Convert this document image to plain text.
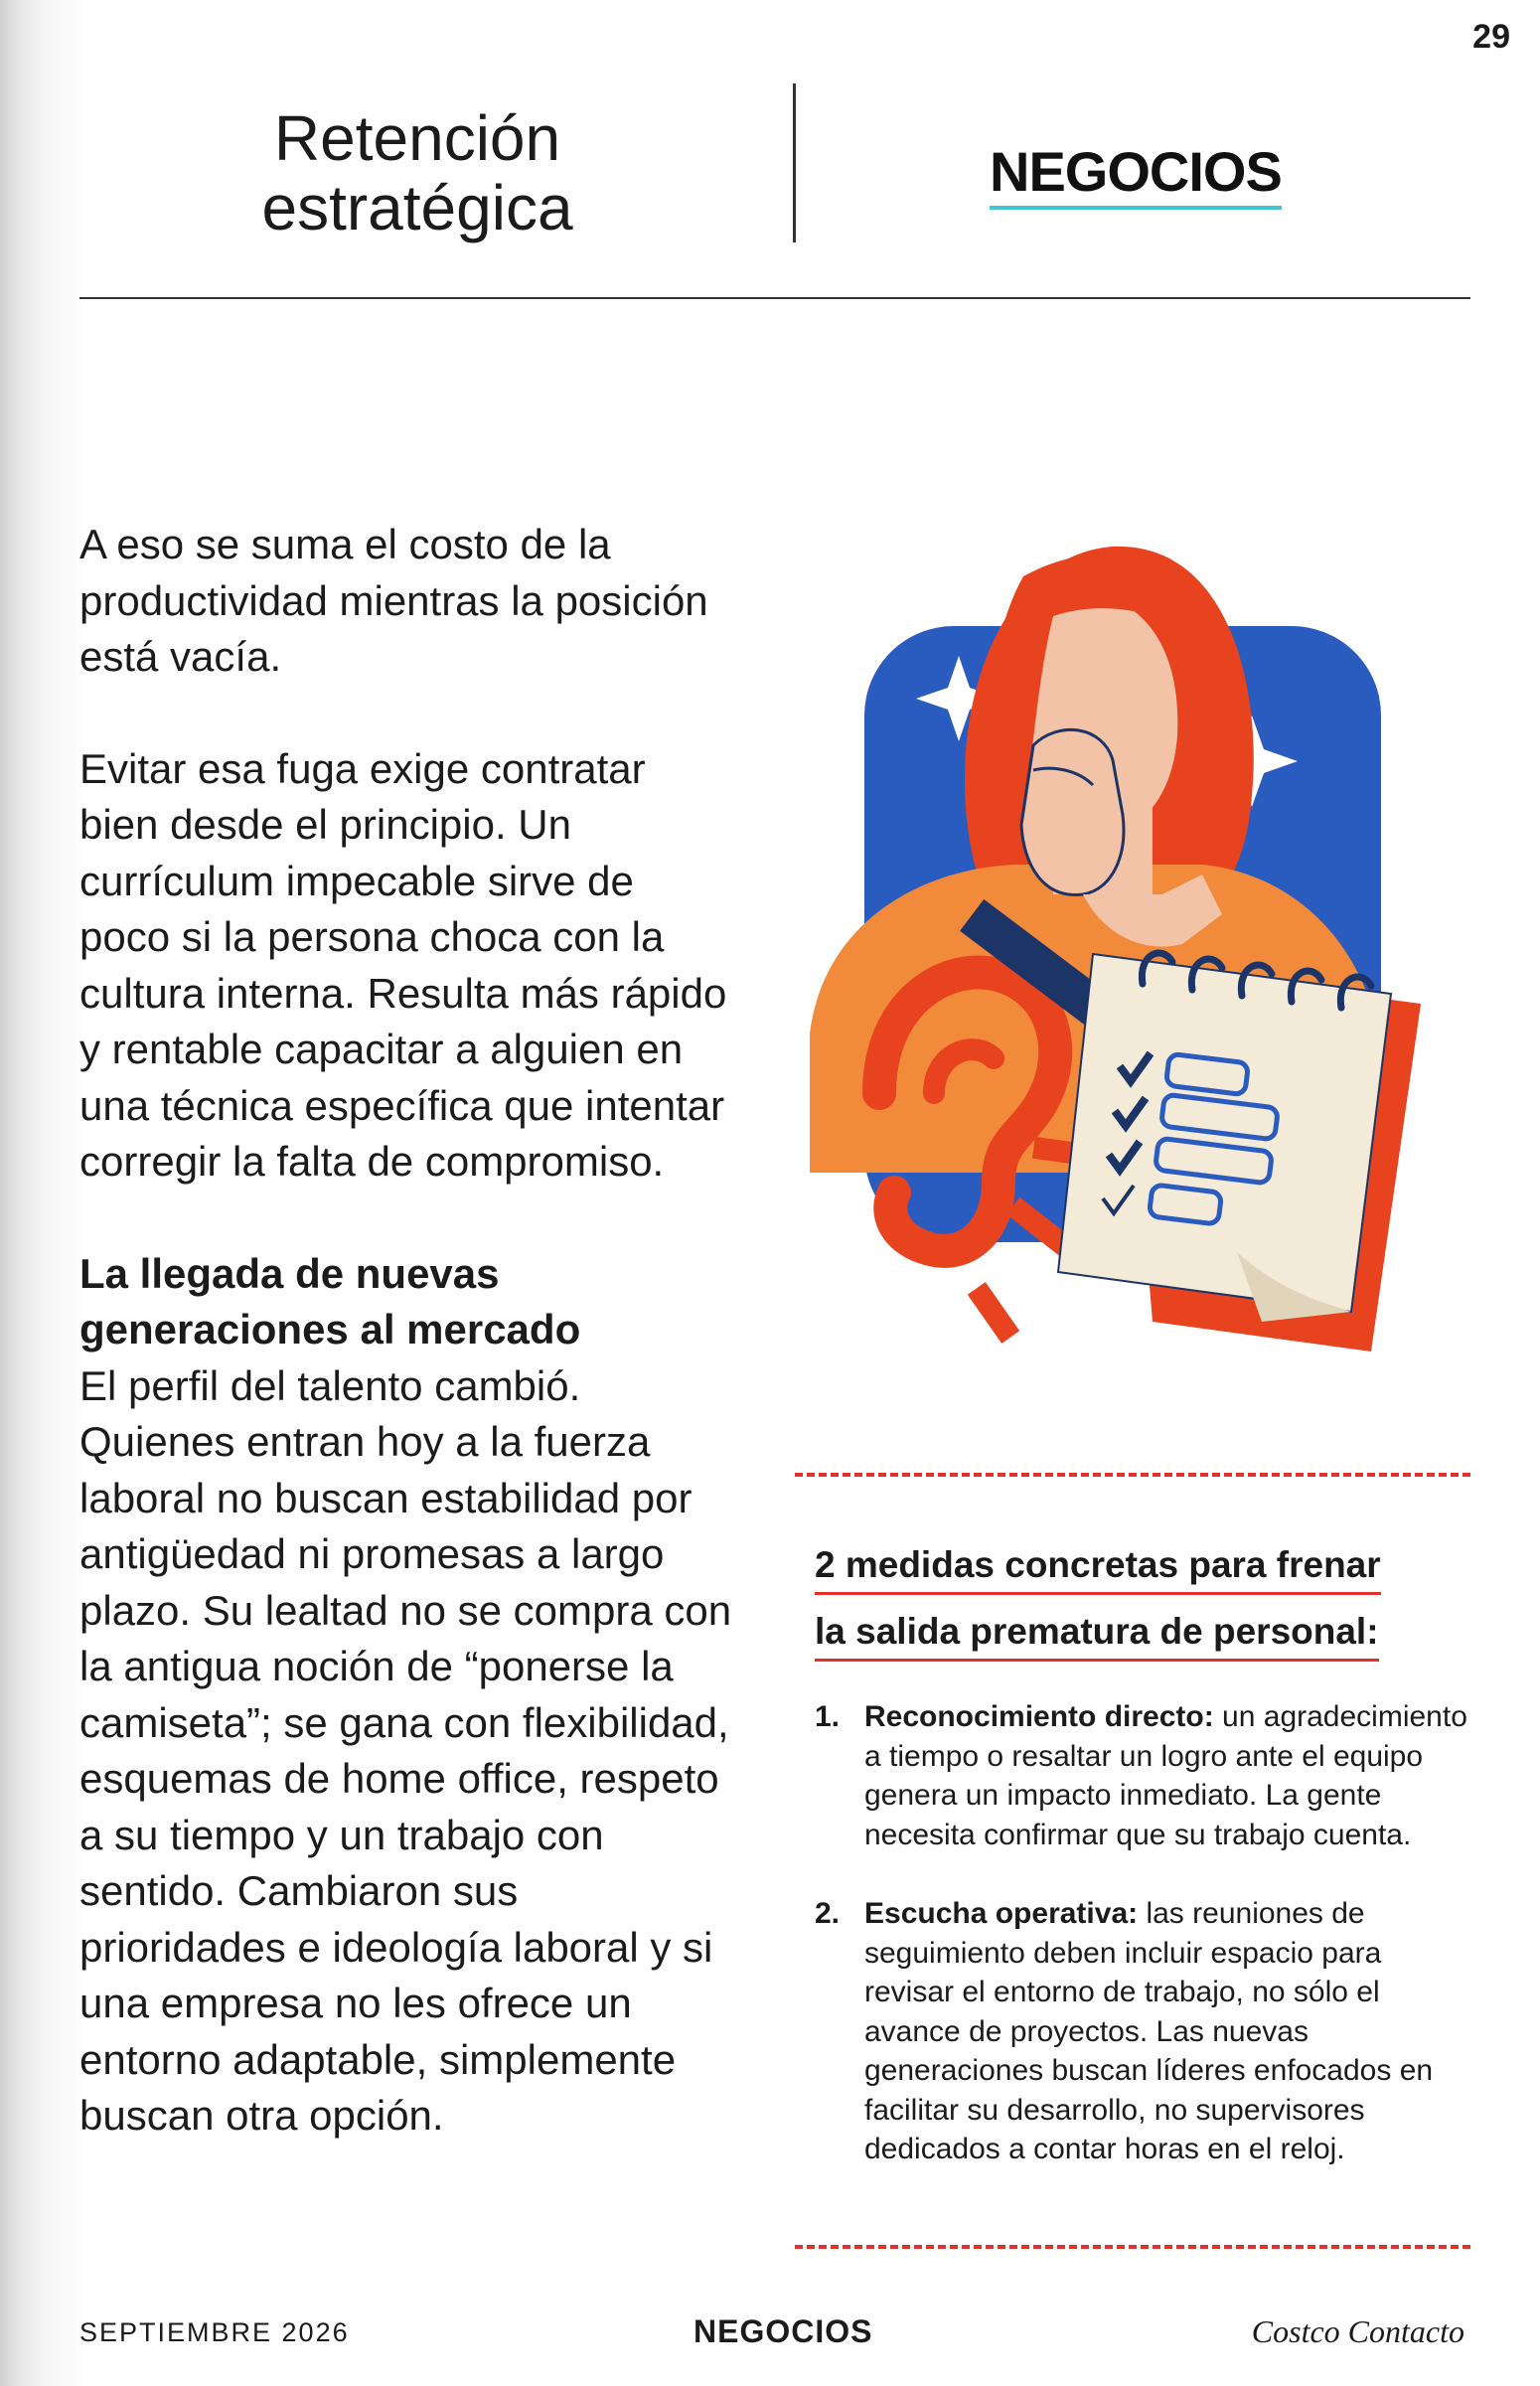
29
Retención
estratégica
NEGOCIOS

A eso se suma el costo de la productividad mientras la posición está vacía.

Evitar esa fuga exige contratar bien desde el principio. Un currículum impecable sirve de poco si la persona choca con la cultura interna. Resulta más rápido y rentable capacitar a alguien en una técnica específica que intentar corregir la falta de compromiso.

La llegada de nuevas generaciones al mercado

El perfil del talento cambió. Quienes entran hoy a la fuerza laboral no buscan estabilidad por antigüedad ni promesas a largo plazo. Su lealtad no se compra con la antigua noción de “ponerse la camiseta”; se gana con flexibilidad, esquemas de home office, respeto a su tiempo y un trabajo con sentido. Cambiaron sus prioridades e ideología laboral y si una empresa no les ofrece un entorno adaptable, simplemente buscan otra opción.

2 medidas concretas para frenar
la salida prematura de personal:
1. Reconocimiento directo: un agradecimiento a tiempo o resaltar un logro ante el equipo genera un impacto inmediato. La gente necesita confirmar que su trabajo cuenta.
2. Escucha operativa: las reuniones de seguimiento deben incluir espacio para revisar el entorno de trabajo, no sólo el avance de proyectos. Las nuevas generaciones buscan líderes enfocados en facilitar su desarrollo, no supervisores dedicados a contar horas en el reloj.
SEPTIEMBRE 2026	NEGOCIOS	Costco Contacto
